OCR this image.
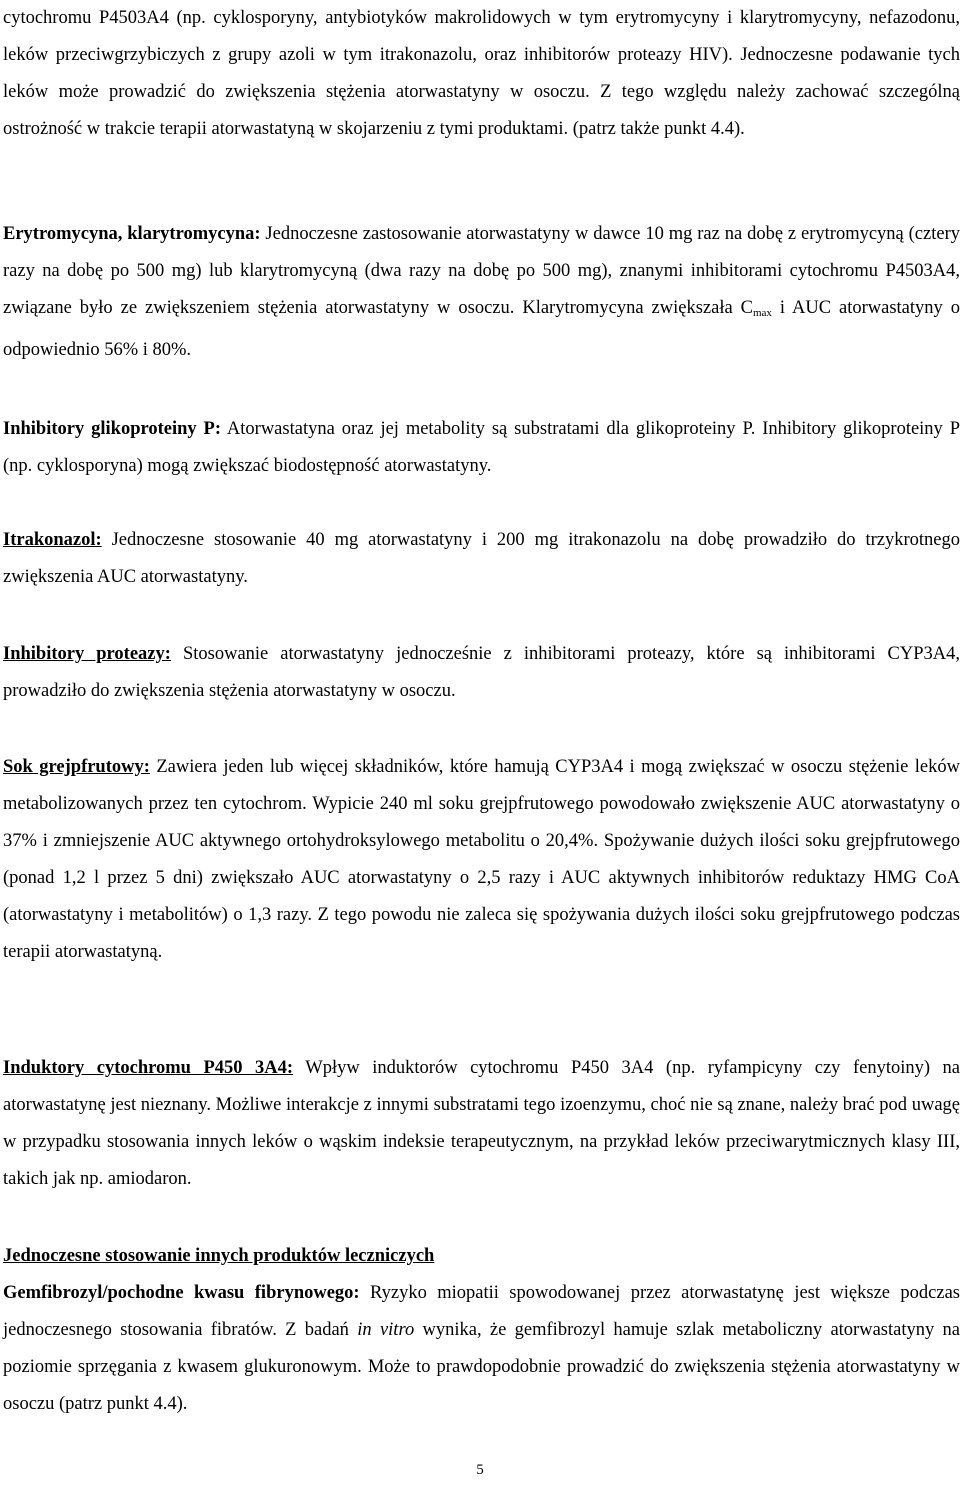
cytochromu P4503A4 (np. cyklosporyny, antybiotyków makrolidowych w tym erytromycyny i klarytromycyny, nefazodonu, leków przeciwgrzybiczych z grupy azoli w tym itrakonazolu, oraz inhibitorów proteazy HIV). Jednoczesne podawanie tych leków może prowadzić do zwiększenia stężenia atorwastatyny w osoczu. Z tego względu należy zachować szczególną ostrożność w trakcie terapii atorwastatyną w skojarzeniu z tymi produktami. (patrz także punkt 4.4).

Erytromycyna, klarytromycyna: Jednoczesne zastosowanie atorwastatyny w dawce 10 mg raz na dobę z erytromycyną (cztery razy na dobę po 500 mg) lub klarytromycyną (dwa razy na dobę po 500 mg), znanymi inhibitorami cytochromu P4503A4, związane było ze zwiększeniem stężenia atorwastatyny w osoczu. Klarytromycyna zwiększała $C_{max}$ i AUC atorwastatyny o odpowiednio 56% i 80%.

Inhibitory glikoproteiny P: Atorwastatyna oraz jej metabolity są substratami dla glikoproteiny P. Inhibitory glikoproteiny P (np. cyklosporyna) mogą zwiększać biodostępność atorwastatyny.

Itrakonazol: Jednoczesne stosowanie 40 mg atorwastatyny i 200 mg itrakonazolu na dobę prowadziło do trzykrotnego zwiększenia AUC atorwastatyny.

Inhibitory proteazy: Stosowanie atorwastatyny jednocześnie z inhibitorami proteazy, które są inhibitorami CYP3A4, prowadziło do zwiększenia stężenia atorwastatyny w osoczu.

Sok grejpfrutowy: Zawiera jeden lub więcej składników, które hamują CYP3A4 i mogą zwiększać w osoczu stężenie leków metabolizowanych przez ten cytochrom. Wypicie 240 ml soku grejpfrutowego powodowało zwiększenie AUC atorwastatyny o 37% i zmniejszenie AUC aktywnego ortohydroksylowego metabolitu o 20,4%. Spożywanie dużych ilości soku grejpfrutowego (ponad 1,2 l przez 5 dni) zwiększało AUC atorwastatyny o 2,5 razy i AUC aktywnych inhibitorów reduktazy HMG CoA (atorwastatyny i metabolitów) o 1,3 razy. Z tego powodu nie zaleca się spożywania dużych ilości soku grejpfrutowego podczas terapii atorwastatyną.

Induktory cytochromu P450 3A4: Wpływ induktorów cytochromu P450 3A4 (np. ryfampicyny czy fenytoiny) na atorwastatynę jest nieznany. Możliwe interakcje z innymi substratami tego izoenzymu, choć nie są znane, należy brać pod uwagę w przypadku stosowania innych leków o wąskim indeksie terapeutycznym, na przykład leków przeciwarytmicznych klasy III, takich jak np. amiodaron.

Jednoczesne stosowanie innych produktów leczniczych

Gemfibrozyl/pochodne kwasu fibrynowego: Ryzyko miopatii spowodowanej przez atorwastatynę jest większe podczas jednoczesnego stosowania fibratów. Z badań in vitro wynika, że gemfibrozyl hamuje szlak metaboliczny atorwastatyny na poziomie sprzęgania z kwasem glukuronowym. Może to prawdopodobnie prowadzić do zwiększenia stężenia atorwastatyny w osoczu (patrz punkt 4.4).

5
